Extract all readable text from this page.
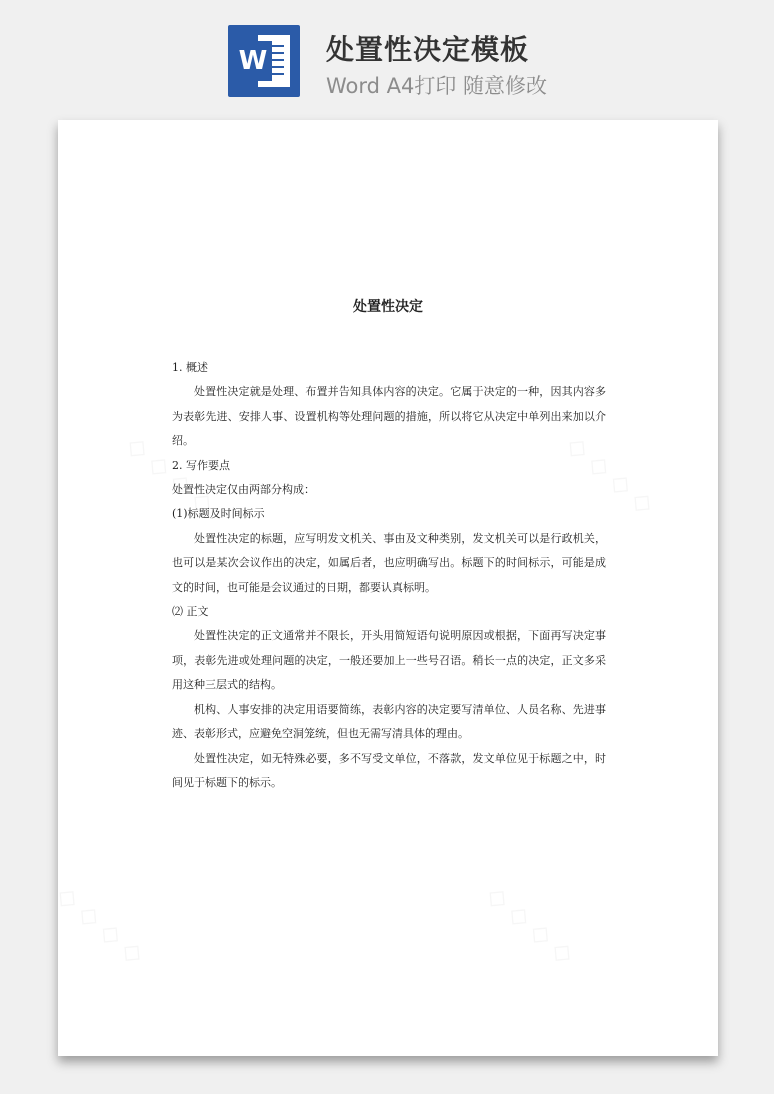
W 处置性决定模板
Word A4打印 随意修改
处置性决定

1. 概述

处置性决定就是处理、布置并告知具体内容的决定。它属于决定的一种，因其内容多为表彰先进、安排人事、设置机构等处理问题的措施，所以将它从决定中单列出来加以介绍。

2. 写作要点

处置性决定仅由两部分构成：

(1)标题及时间标示

处置性决定的标题，应写明发文机关、事由及文种类别，发文机关可以是行政机关，也可以是某次会议作出的决定，如属后者，也应明确写出。标题下的时间标示，可能是成文的时间，也可能是会议通过的日期，都要认真标明。

⑵ 正文

处置性决定的正文通常并不限长，开头用简短语句说明原因或根据，下面再写决定事项，表彰先进或处理问题的决定，一般还要加上一些号召语。稍长一点的决定，正文多采用这种三层式的结构。

机构、人事安排的决定用语要简练，表彰内容的决定要写清单位、人员名称、先进事迹、表彰形式，应避免空洞笼统，但也无需写清具体的理由。

处置性决定，如无特殊必要，多不写受文单位，不落款，发文单位见于标题之中，时间见于标题下的标示。
